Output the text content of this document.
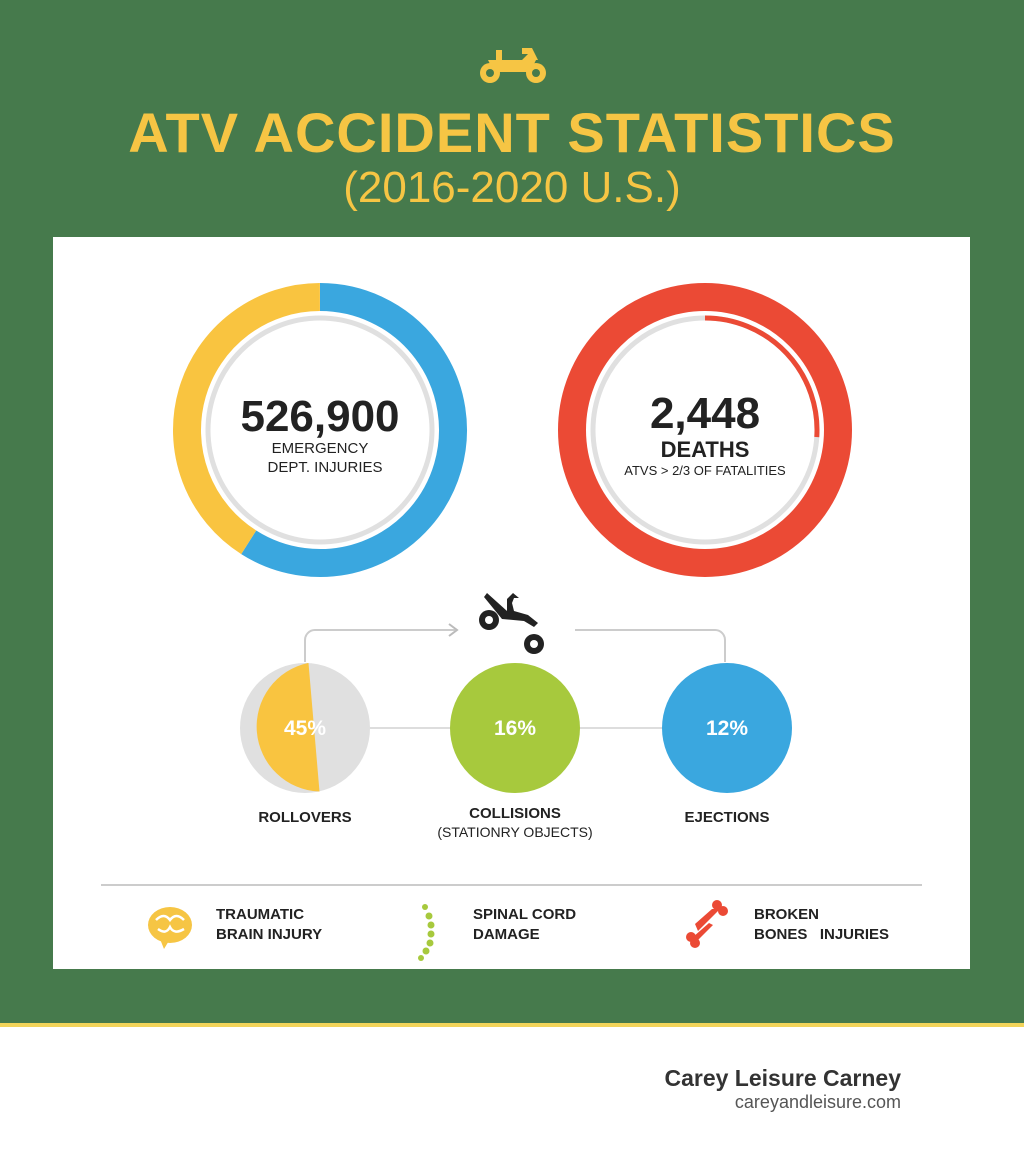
ATV ACCIDENT STATISTICS
(2016-2020 U.S.)
526,900
EMERGENCY
DEPT. INJURIES
2,448
DEATHS
ATVS > 2/3 OF FATALITIES
45%	16%	12%
ROLLOVERS	COLLISIONS
(STATIONRY OBJECTS)
EJECTIONS
TRAUMATIC
BRAIN INJURY
SPINAL CORD
DAMAGE
BROKEN
BONES   INJURIES
Carey Leisure Carney
careyandleisure.com
